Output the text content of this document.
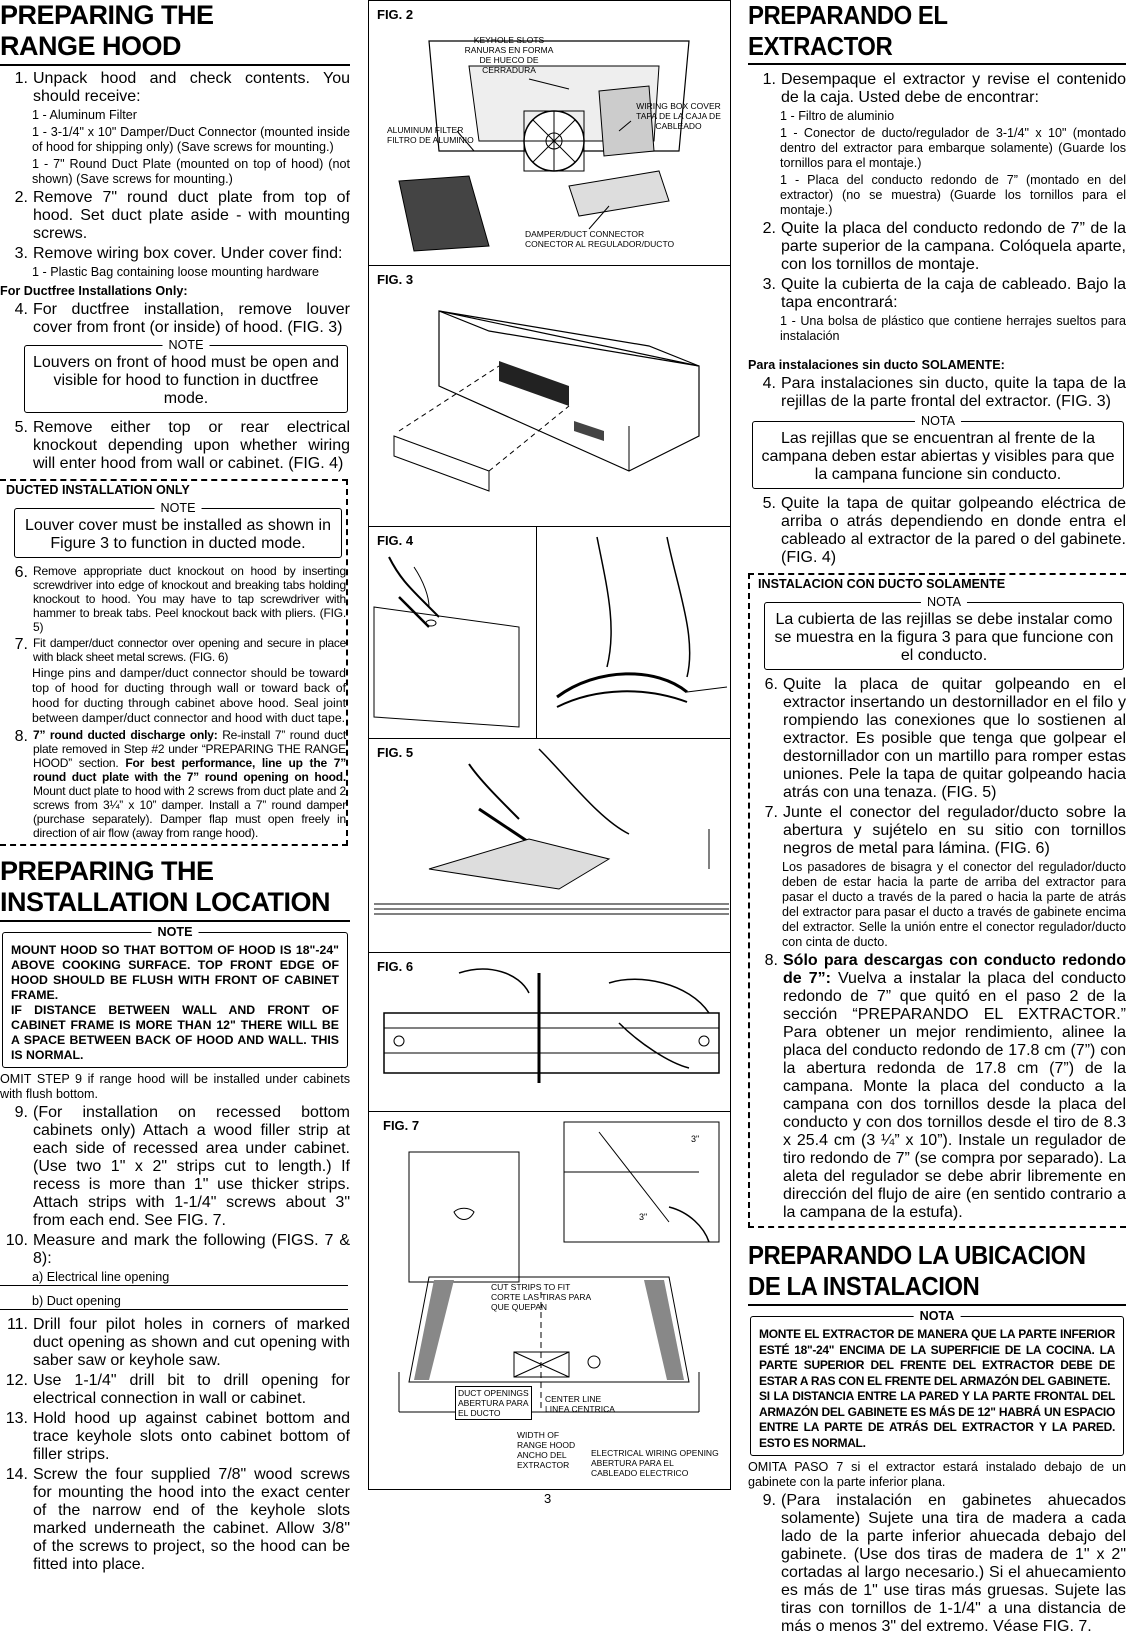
PREPARING THE
RANGE HOOD
1. Unpack hood and check contents. You should receive:

1 - Aluminum Filter

1 - 3-1/4" x 10" Damper/Duct Connector (mounted inside of hood for shipping only) (Save screws for mounting.)

1 - 7" Round Duct Plate (mounted on top of hood) (not shown) (Save screws for mounting.)

2. Remove 7" round duct plate from top of hood. Set duct plate aside - with mounting screws.
3. Remove wiring box cover. Under cover find:

1 - Plastic Bag containing loose mounting hardware

For Ductfree Installations Only:

4. For ductfree installation, remove louver cover from front (or inside) of hood. (FIG. 3)
NOTE
Louvers on front of hood must be open and visible for hood to function in ductfree mode.
5. Remove either top or rear electrical knockout depending upon whether wiring will enter hood from wall or cabinet. (FIG. 4)

DUCTED INSTALLATION ONLY

NOTE
Louver cover must be installed as shown in Figure 3 to function in ducted mode.
6. Remove appropriate duct knockout on hood by inserting screwdriver into edge of knockout and breaking tabs holding knockout to hood. You may have to tap screwdriver with hammer to break tabs. Peel knockout back with pliers. (FIG. 5)
7. Fit damper/duct connector over opening and secure in place with black sheet metal screws. (FIG. 6)

Hinge pins and damper/duct connector should be toward top of hood for ducting through wall or toward back of hood for ducting through cabinet above hood. Seal joint between damper/duct connector and hood with duct tape.

8. 7” round ducted discharge only: Re-install 7” round duct plate removed in Step #2 under “PREPARING THE RANGE HOOD” section. For best performance, line up the 7” round duct plate with the 7” round opening on hood. Mount duct plate to hood with 2 screws from duct plate and 2 screws from 3¼” x 10” damper. Install a 7” round damper (purchase separately). Damper flap must open freely in direction of air flow (away from range hood).
PREPARING THE
INSTALLATION LOCATION
NOTE
MOUNT HOOD SO THAT BOTTOM OF HOOD IS 18"-24" ABOVE COOKING SURFACE. TOP FRONT EDGE OF HOOD SHOULD BE FLUSH WITH FRONT OF CABINET FRAME.
IF DISTANCE BETWEEN WALL AND FRONT OF CABINET FRAME IS MORE THAN 12" THERE WILL BE A SPACE BETWEEN BACK OF HOOD AND WALL. THIS IS NORMAL.

OMIT STEP 9 if range hood will be installed under cabinets with flush bottom.

9. (For installation on recessed bottom cabinets only) Attach a wood filler strip at each side of recessed area under cabinet. (Use two 1" x 2" strips cut to length.) If recess is more than 1" use thicker strips. Attach strips with 1-1/4" screws about 3" from each end. See FIG. 7.
10. Measure and mark the following (FIGS. 7 & 8):

a) Electrical line opening

b) Duct opening

11. Drill four pilot holes in corners of marked duct opening as shown and cut opening with saber saw or keyhole saw.
12. Use 1-1/4" drill bit to drill opening for electrical connection in wall or cabinet.
13. Hold hood up against cabinet bottom and trace keyhole slots onto cabinet bottom of filler strips.
14. Screw the four supplied 7/8" wood screws for mounting the hood into the exact center of the narrow end of the keyhole slots marked underneath the cabinet. Allow 3/8" of the screws to project, so the hood can be fitted into place.
FIG. 2
KEYHOLE SLOTS
RANURAS EN FORMA
DE HUECO DE
CERRADURA
ALUMINUM FILTER
FILTRO DE ALUMINIO
WIRING BOX COVER
TAPA DE LA CAJA DE
CABLEADO
DAMPER/DUCT CONNECTOR
CONECTOR AL REGULADOR/DUCTO
FIG. 3
FIG. 4
FIG. 5
FIG. 6
FIG. 7
3"
3"
CUT STRIPS TO FIT
CORTE LAS TIRAS PARA
QUE QUEPAN
DUCT OPENINGS
ABERTURA PARA
EL DUCTO
CENTER LINE
LINEA CENTRICA
WIDTH OF
RANGE HOOD
ANCHO DEL
EXTRACTOR
ELECTRICAL WIRING OPENING
ABERTURA PARA EL
CABLEADO ELECTRICO
3
PREPARANDO EL EXTRACTOR
1. Desempaque el extractor y revise el contenido de la caja. Usted debe de encontrar:

1 - Filtro de aluminio

1 - Conector de ducto/regulador de 3-1/4" x 10" (montado dentro del extractor para embarque solamente) (Guarde los tornillos para el montaje.)

1 - Placa del conducto redondo de 7” (montado en del extractor) (no se muestra) (Guarde los tornillos para el montaje.)

2. Quite la placa del conducto redondo de 7” de la parte superior de la campana. Colóquela aparte, con los tornillos de montaje.
3. Quite la cubierta de la caja de cableado. Bajo la tapa encontrará:

1 - Una bolsa de plástico que contiene herrajes sueltos para instalación

Para instalaciones sin ducto SOLAMENTE:

4. Para instalaciones sin ducto, quite la tapa de la rejillas de la parte frontal del extractor. (FIG. 3)
NOTA
Las rejillas que se encuentran al frente de la campana deben estar abiertas y visibles para que la campana funcione sin conducto.
5. Quite la tapa de quitar golpeando eléctrica de arriba o atrás dependiendo en donde entra el cableado al extractor de la pared o del gabinete. (FIG. 4)

INSTALACION CON DUCTO SOLAMENTE

NOTA
La cubierta de las rejillas se debe instalar como se muestra en la figura 3 para que funcione con el conducto.
6. Quite la placa de quitar golpeando en el extractor insertando un destornillador en el filo y rompiendo las conexiones que lo sostienen al extractor. Es posible que tenga que golpear el destornillador con un martillo para romper estas uniones. Pele la tapa de quitar golpeando hacia atrás con una tenaza. (FIG. 5)
7. Junte el conector del regulador/ducto sobre la abertura y sujételo en su sitio con tornillos negros de metal para lámina. (FIG. 6)

Los pasadores de bisagra y el conector del regulador/ducto deben de estar hacia la parte de arriba del extractor para pasar el ducto a través de la pared o hacia la parte de atrás del extractor para pasar el ducto a través de gabinete encima del extractor. Selle la unión entre el conector regulador/ducto con cinta de ducto.

8. Sólo para descargas con conducto redondo de 7”: Vuelva a instalar la placa del conducto redondo de 7” que quitó en el paso 2 de la sección “PREPARANDO EL EXTRACTOR.” Para obtener un mejor rendimiento, alinee la placa del conducto redondo de 17.8 cm (7”) con la abertura redonda de 17.8 cm (7”) de la campana. Monte la placa del conducto a la campana con dos tornillos desde la placa del conducto y con dos tornillos desde el tiro de 8.3 x 25.4 cm (3 ¼” x 10”). Instale un regulador de tiro redondo de 7” (se compra por separado). La aleta del regulador se debe abrir libremente en dirección del flujo de aire (en sentido contrario a la campana de la estufa).
PREPARANDO LA UBICACION
DE LA INSTALACION
NOTA
MONTE EL EXTRACTOR DE MANERA QUE LA PARTE INFERIOR ESTÉ 18"-24" ENCIMA DE LA SUPERFICIE DE LA COCINA. LA PARTE SUPERIOR DEL FRENTE DEL EXTRACTOR DEBE DE ESTAR A RAS CON EL FRENTE DEL ARMAZÓN DEL GABINETE.
SI LA DISTANCIA ENTRE LA PARED Y LA PARTE FRONTAL DEL ARMAZÓN DEL GABINETE ES MÁS DE 12" HABRÁ UN ESPACIO ENTRE LA PARTE DE ATRÁS DEL EXTRACTOR Y LA PARED. ESTO ES NORMAL.

OMITA PASO 7 si el extractor estará instalado debajo de un gabinete con la parte inferior plana.

9. (Para instalación en gabinetes ahuecados solamente) Sujete una tira de madera a cada lado de la parte inferior ahuecada debajo del gabinete. (Use dos tiras de madera de 1" x 2" cortadas al largo necesario.) Si el ahuecamiento es más de 1" use tiras más gruesas. Sujete las tiras con tornillos de 1-1/4" a una distancia de más o menos 3" del extremo. Véase FIG. 7.
